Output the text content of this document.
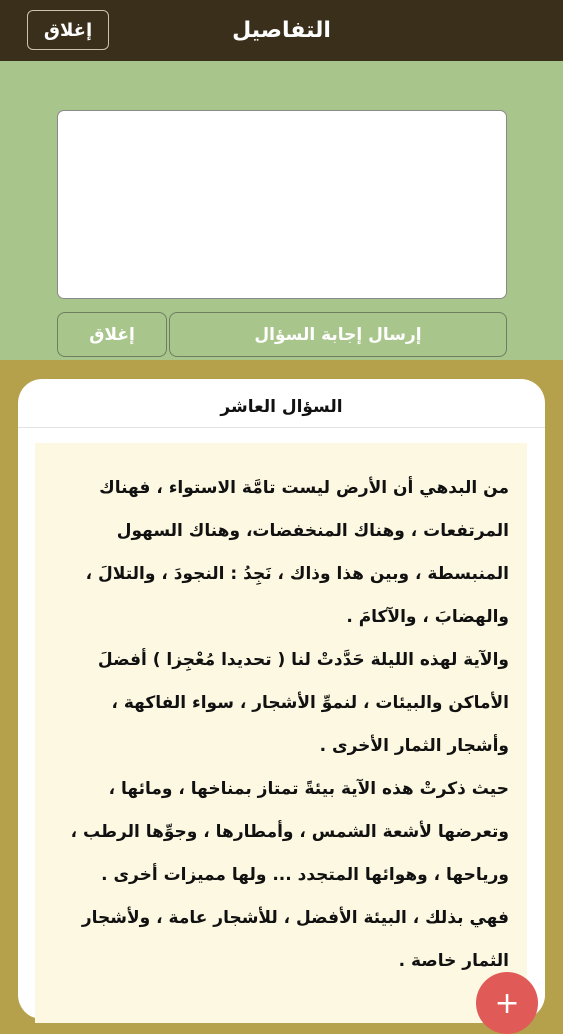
التفاصيل
إغلاق
إرسال إجابة السؤال
إغلاق
السؤال العاشر

من البدهي أن الأرض ليست تامَّة الاستواء ، فهناك المرتفعات ، وهناك المنخفضات، وهناك السهول المنبسطة ، وبين هذا وذاك ، نَجِدُ : النجودَ ، والتلالَ ، والهضابَ ، والآكامَ .

والآية لهذه الليلة حَدَّدتْ لنا ( تحديدا مُعْجِزا ) أفضلَ الأماكن والبيئات ، لنموِّ الأشجار ، سواء الفاكهة ، وأشجار الثمار الأخرى .

حيث ذكرتْ هذه الآية بيئةً تمتاز بمناخها ، ومائها ، وتعرضها لأشعة الشمس ، وأمطارها ، وجوِّها الرطب ، ورياحها ، وهوائها المتجدد ... ولها مميزات أخرى .

فهي بذلك ، البيئة الأفضل ، للأشجار عامة ، ولأشجار الثمار خاصة .

+
